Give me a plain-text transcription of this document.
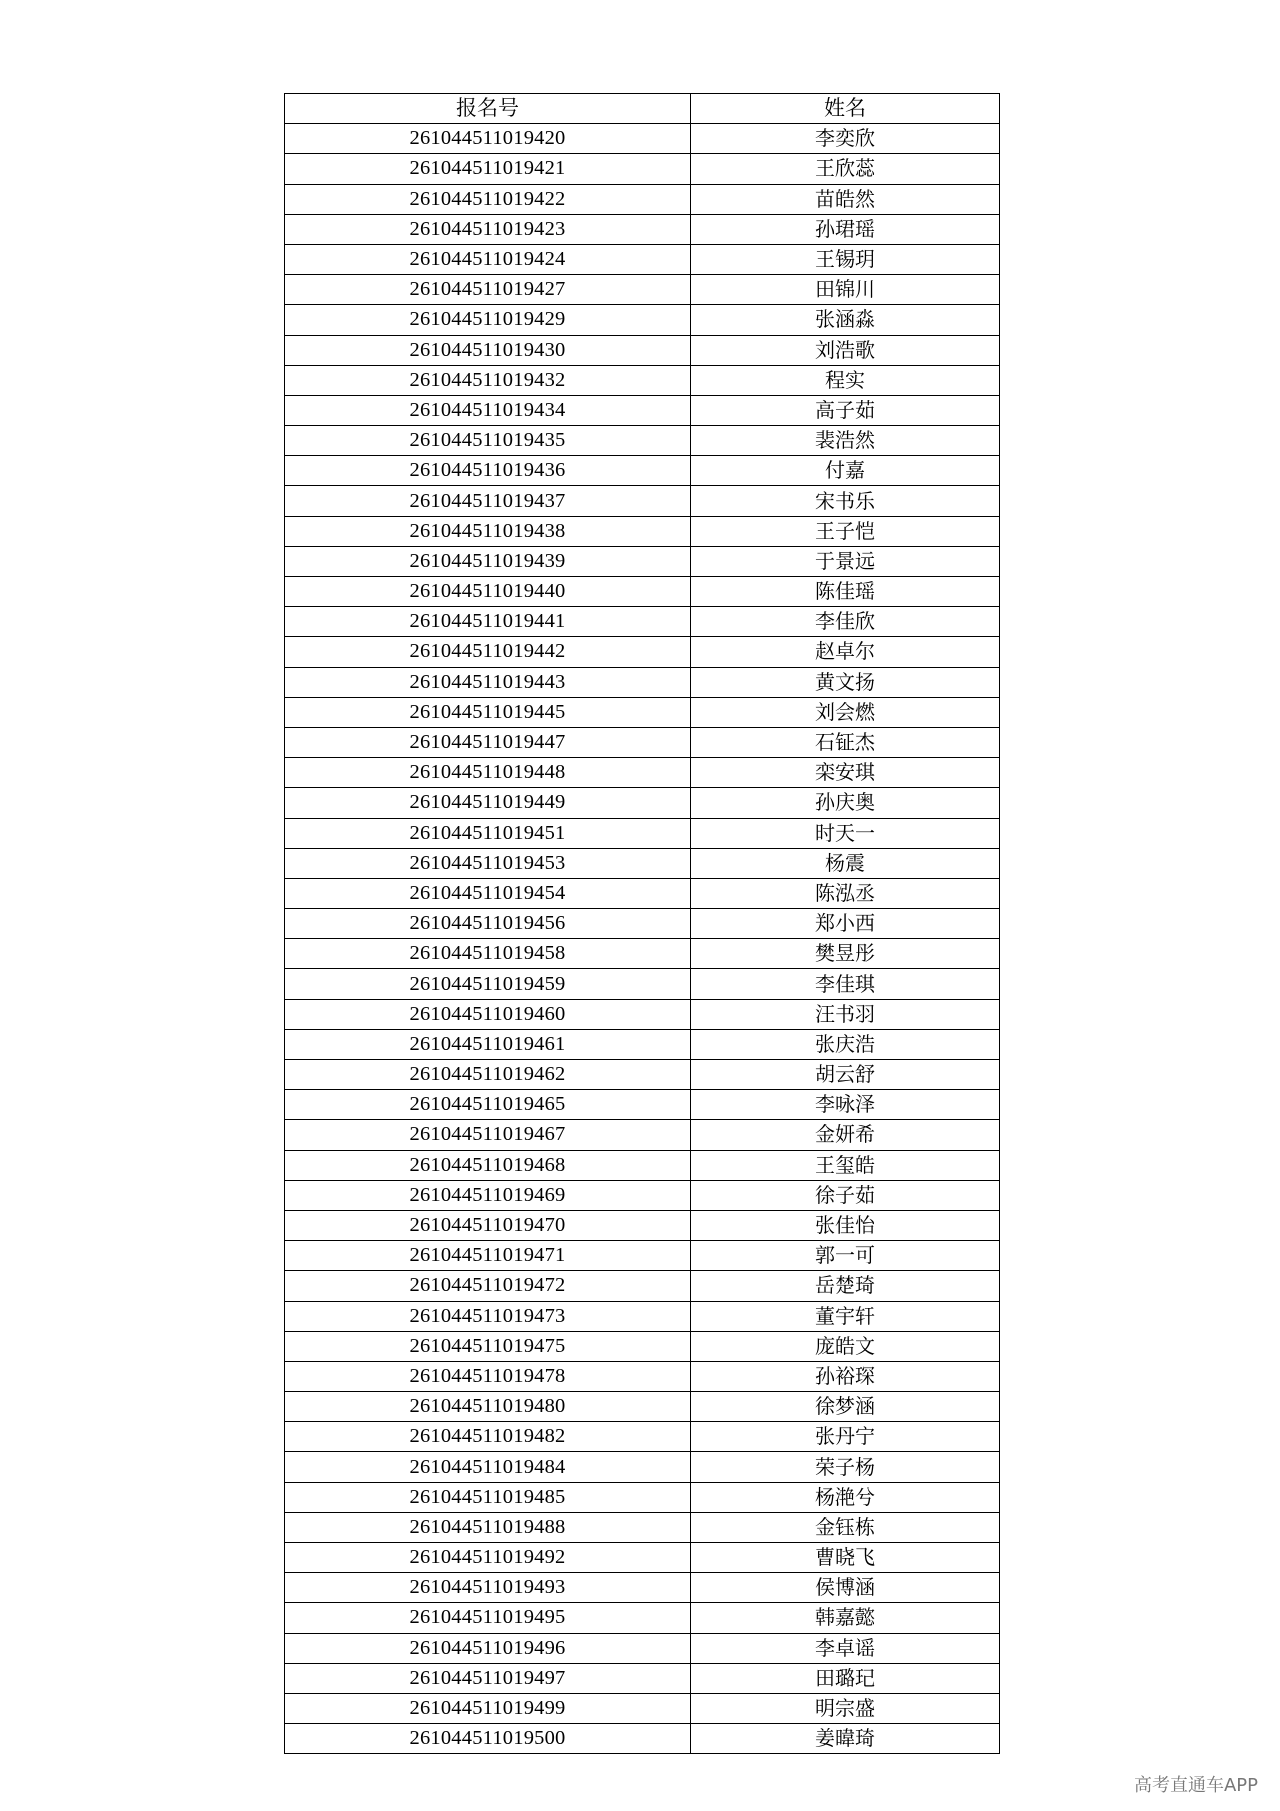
报名号	姓名
261044511019420	李奕欣
261044511019421	王欣蕊
261044511019422	苗皓然
261044511019423	孙珺瑶
261044511019424	王锡玥
261044511019427	田锦川
261044511019429	张涵淼
261044511019430	刘浩歌
261044511019432	程实
261044511019434	高子茹
261044511019435	裴浩然
261044511019436	付嘉
261044511019437	宋书乐
261044511019438	王子恺
261044511019439	于景远
261044511019440	陈佳瑶
261044511019441	李佳欣
261044511019442	赵卓尔
261044511019443	黄文扬
261044511019445	刘会燃
261044511019447	石钲杰
261044511019448	栾安琪
261044511019449	孙庆奥
261044511019451	时天一
261044511019453	杨震
261044511019454	陈泓丞
261044511019456	郑小西
261044511019458	樊昱彤
261044511019459	李佳琪
261044511019460	汪书羽
261044511019461	张庆浩
261044511019462	胡云舒
261044511019465	李咏泽
261044511019467	金妍希
261044511019468	王玺皓
261044511019469	徐子茹
261044511019470	张佳怡
261044511019471	郭一可
261044511019472	岳楚琦
261044511019473	董宇轩
261044511019475	庞皓文
261044511019478	孙裕琛
261044511019480	徐梦涵
261044511019482	张丹宁
261044511019484	荣子杨
261044511019485	杨滟兮
261044511019488	金钰栋
261044511019492	曹晓飞
261044511019493	侯博涵
261044511019495	韩嘉懿
261044511019496	李卓谣
261044511019497	田璐玘
261044511019499	明宗盛
261044511019500	姜暐琦
高考直通车APP
